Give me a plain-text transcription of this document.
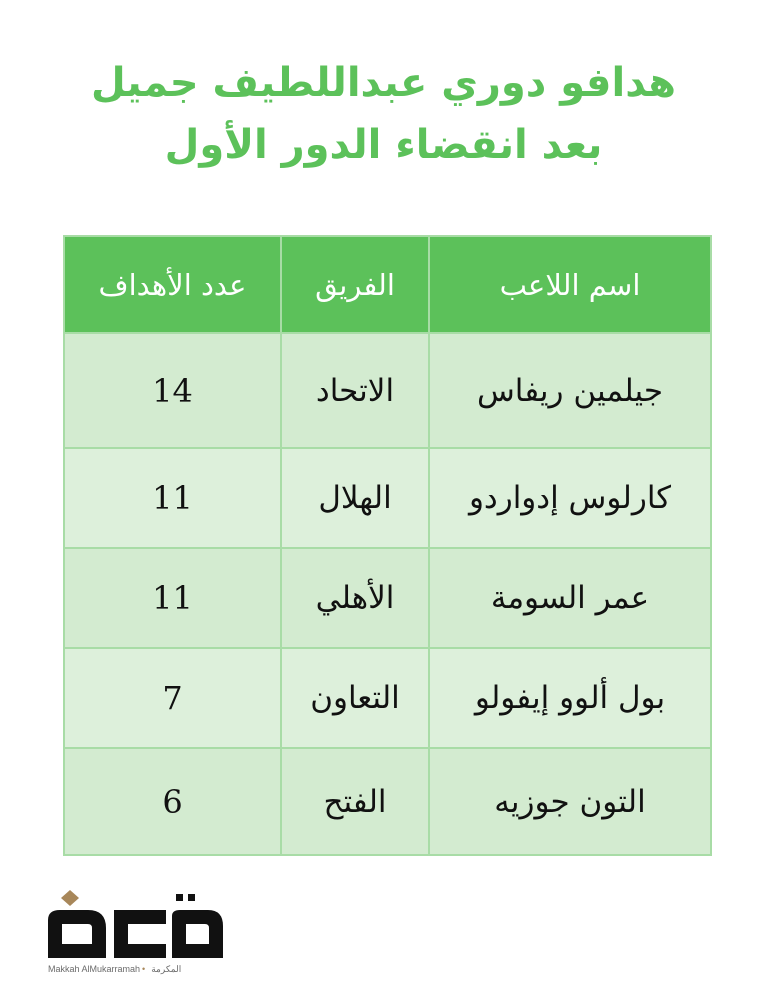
هدافو دوري عبداللطيف جميل
بعد انقضاء الدور الأول
اسم اللاعب	الفريق	عدد الأهداف
جيلمين ريفاس	الاتحاد	14
كارلوس إدواردو	الهلال	11
عمر السومة	الأهلي	11
بول ألوو إيفولو	التعاون	7
التون جوزيه	الفتح	6
Makkah AlMukarramah • المكرمة
